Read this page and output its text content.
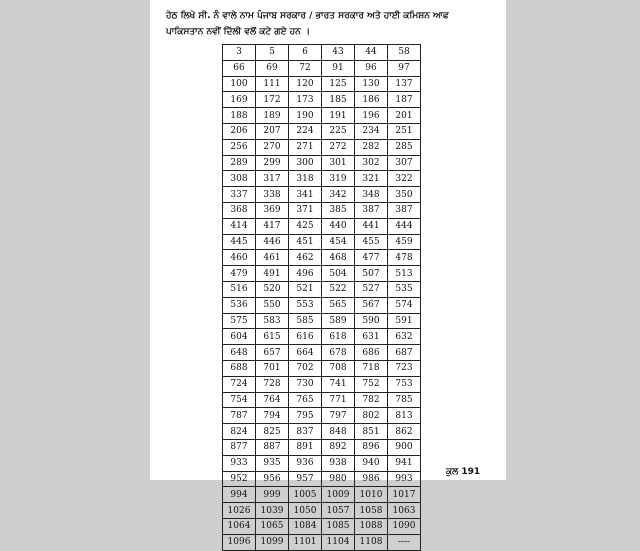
ਹੇਠ ਲਿਖੇ ਸੀ. ਨੰ ਵਾਲੇ ਨਾਮ ਪੰਜਾਬ ਸਰਕਾਰ / ਭਾਰਤ ਸਰਕਾਰ ਅਤੇ ਹਾਈ ਕਮਿਸ਼ਨ ਆਫ
ਪਾਕਿਸਤਾਨ ਨਵੀਂ ਦਿੱਲੀ ਵਲੋਂ ਕਟੇ ਗਏ ਹਨ ।
3	5	6	43	44	58
66	69	72	91	96	97
100	111	120	125	130	137
169	172	173	185	186	187
188	189	190	191	196	201
206	207	224	225	234	251
256	270	271	272	282	285
289	299	300	301	302	307
308	317	318	319	321	322
337	338	341	342	348	350
368	369	371	385	387	387
414	417	425	440	441	444
445	446	451	454	455	459
460	461	462	468	477	478
479	491	496	504	507	513
516	520	521	522	527	535
536	550	553	565	567	574
575	583	585	589	590	591
604	615	616	618	631	632
648	657	664	678	686	687
688	701	702	708	718	723
724	728	730	741	752	753
754	764	765	771	782	785
787	794	795	797	802	813
824	825	837	848	851	862
877	887	891	892	896	900
933	935	936	938	940	941
952	956	957	980	986	993
994	999	1005	1009	1010	1017
1026	1039	1050	1057	1058	1063
1064	1065	1084	1085	1088	1090
1096	1099	1101	1104	1108	----
ਕੁਲ 191
